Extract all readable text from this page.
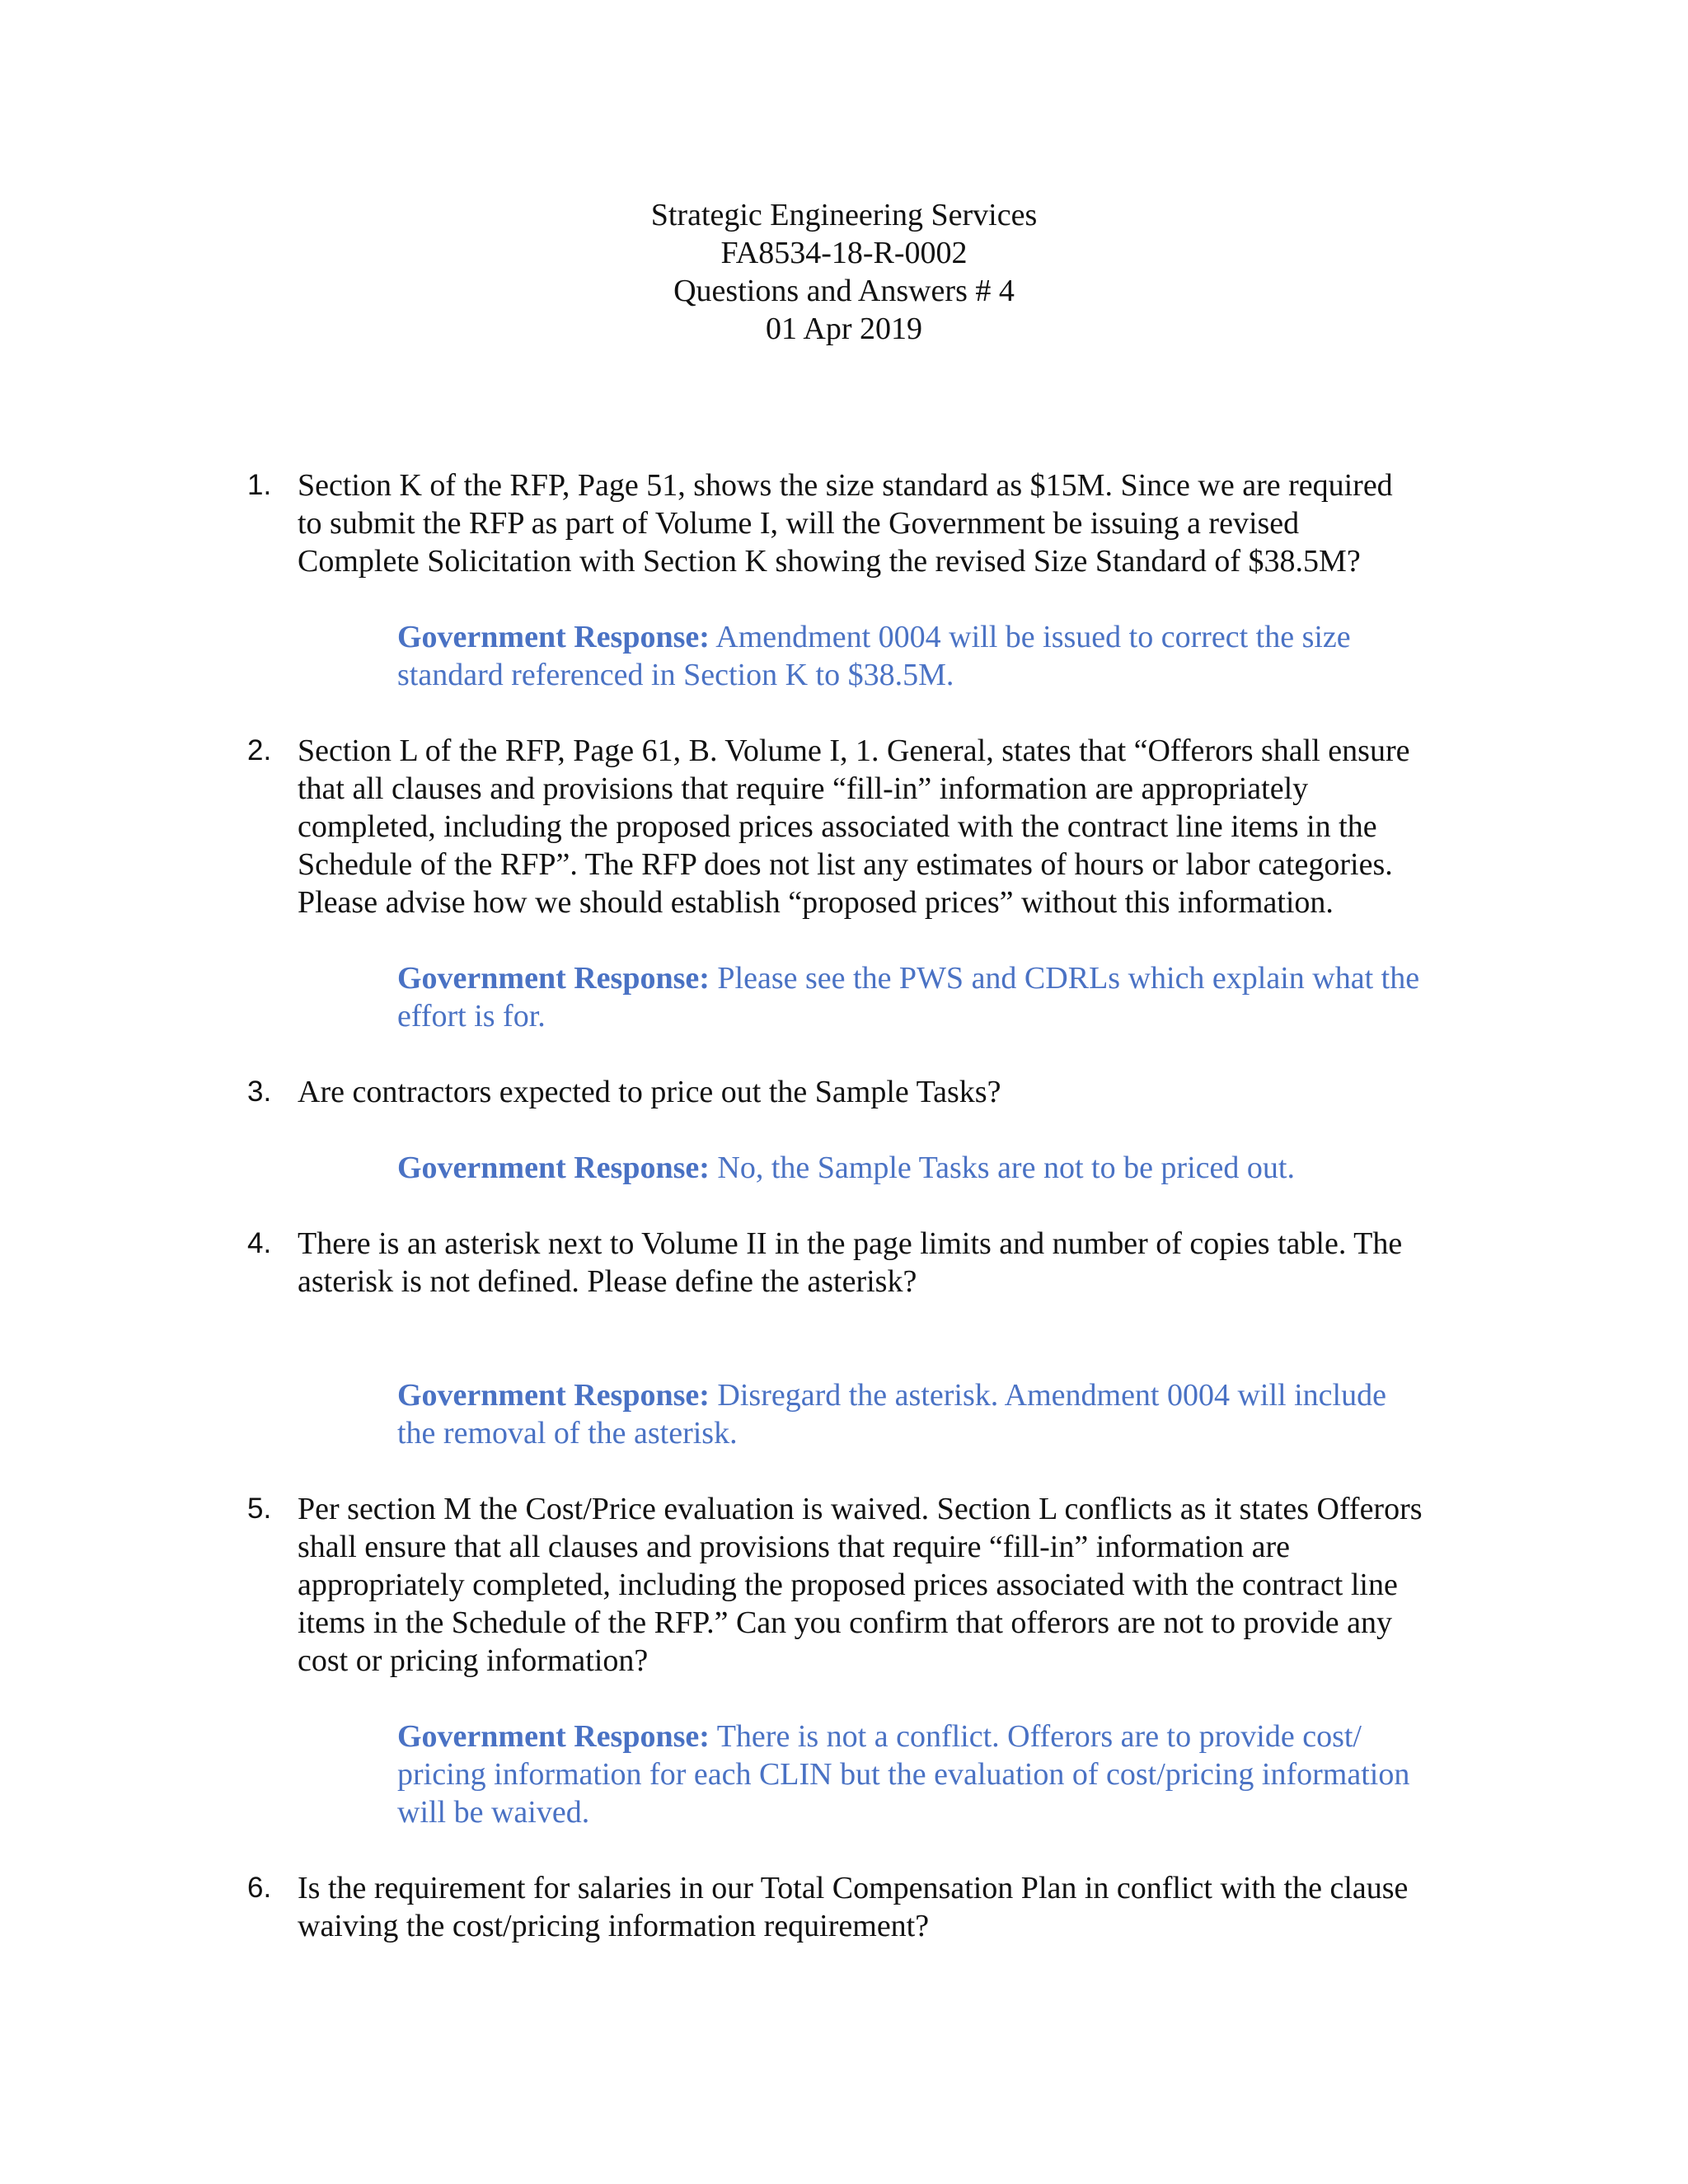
Strategic Engineering Services
FA8534-18-R-0002
Questions and Answers # 4
01 Apr 2019
1. Section K of the RFP, Page 51, shows the size standard as $15M. Since we are required
to submit the RFP as part of Volume I, will the Government be issuing a revised
Complete Solicitation with Section K showing the revised Size Standard of $38.5M?
Government Response: Amendment 0004 will be issued to correct the size
standard referenced in Section K to $38.5M.
2. Section L of the RFP, Page 61, B. Volume I, 1. General, states that “Offerors shall ensure
that all clauses and provisions that require “fill-in” information are appropriately
completed, including the proposed prices associated with the contract line items in the
Schedule of the RFP”. The RFP does not list any estimates of hours or labor categories.
Please advise how we should establish “proposed prices” without this information.
Government Response: Please see the PWS and CDRLs which explain what the
effort is for.
3. Are contractors expected to price out the Sample Tasks?
Government Response: No, the Sample Tasks are not to be priced out.
4. There is an asterisk next to Volume II in the page limits and number of copies table. The
asterisk is not defined. Please define the asterisk?
Government Response: Disregard the asterisk. Amendment 0004 will include
the removal of the asterisk.
5. Per section M the Cost/Price evaluation is waived. Section L conflicts as it states Offerors
shall ensure that all clauses and provisions that require “fill-in” information are
appropriately completed, including the proposed prices associated with the contract line
items in the Schedule of the RFP.” Can you confirm that offerors are not to provide any
cost or pricing information?
Government Response: There is not a conflict. Offerors are to provide cost/
pricing information for each CLIN but the evaluation of cost/pricing information
will be waived.
6. Is the requirement for salaries in our Total Compensation Plan in conflict with the clause
waiving the cost/pricing information requirement?
